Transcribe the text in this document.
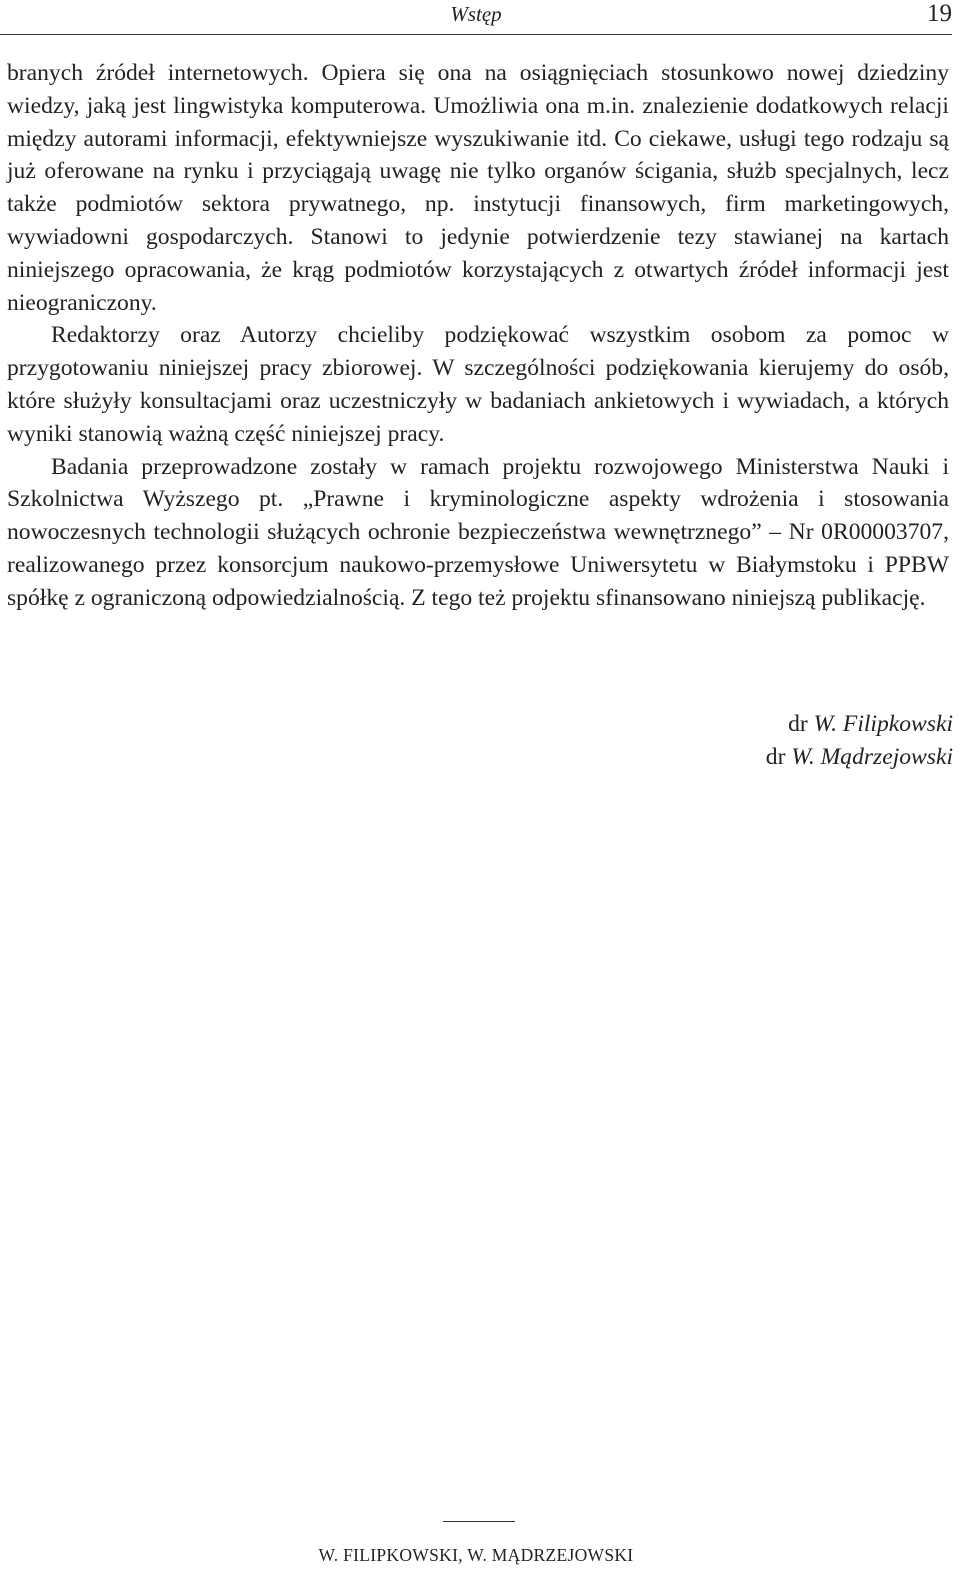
Wstęp	19

branych źródeł internetowych. Opiera się ona na osiągnięciach stosunkowo nowej dziedziny wiedzy, jaką jest lingwistyka komputerowa. Umożliwia ona m.in. znalezienie dodatkowych relacji między autorami informacji, efektywniejsze wyszukiwanie itd. Co ciekawe, usługi tego rodzaju są już oferowane na rynku i przyciągają uwagę nie tylko organów ścigania, służb specjalnych, lecz także podmiotów sektora prywatnego, np. instytucji finansowych, firm marketingowych, wywiadowni gospodarczych. Stanowi to jedynie potwierdzenie tezy stawianej na kartach niniejszego opracowania, że krąg podmiotów korzystających z otwartych źródeł informacji jest nieograniczony.

Redaktorzy oraz Autorzy chcieliby podziękować wszystkim osobom za pomoc w przygotowaniu niniejszej pracy zbiorowej. W szczególności podziękowania kierujemy do osób, które służyły konsultacjami oraz uczestniczyły w badaniach ankietowych i wywiadach, a których wyniki stanowią ważną część niniejszej pracy.

Badania przeprowadzone zostały w ramach projektu rozwojowego Ministerstwa Nauki i Szkolnictwa Wyższego pt. „Prawne i kryminologiczne aspekty wdrożenia i stosowania nowoczesnych technologii służących ochronie bezpieczeństwa wewnętrznego” – Nr 0R00003707, realizowanego przez konsorcjum naukowo-przemysłowe Uniwersytetu w Białymstoku i PPBW spółkę z ograniczoną odpowiedzialnością. Z tego też projektu sfinansowano niniejszą publikację.

dr W. Filipkowski
dr W. Mądrzejowski
W. FILIPKOWSKI, W. MĄDRZEJOWSKI
